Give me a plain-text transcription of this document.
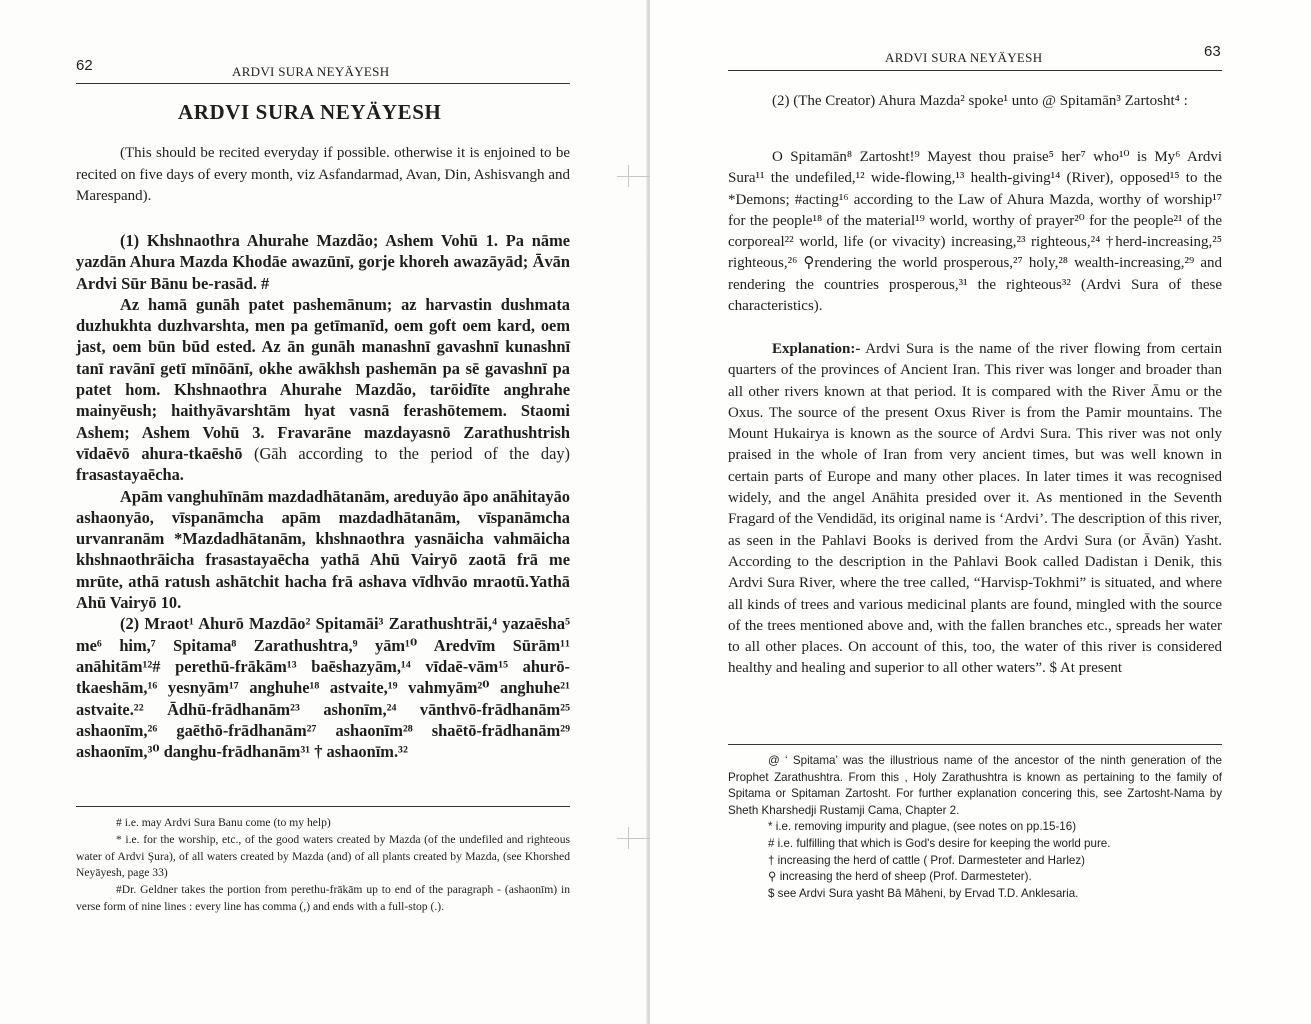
62	ARDVI SURA NEYÄYESH
ARDVI SURA NEYÄYESH

(This should be recited everyday if possible. otherwise it is enjoined to be recited on five days of every month, viz Asfandarmad, Avan, Din, Ashisvangh and Marespand).

(1) Khshnaothra Ahurahe Mazdão; Ashem Vohū 1. Pa nāme yazdān Ahura Mazda Khodāe awazūnī, gorje khoreh awazāyād; Āvān Ardvi Sūr Bānu be-rasād. #

Az hamā gunāh patet pashemānum; az harvastin dushmata duzhukhta duzhvarshta, men pa getīmanīd, oem goft oem kard, oem jast, oem būn būd ested. Az ān gunāh manashnī gavashnī kunashnī tanī ravānī getī mīnōānī, okhe awākhsh pashemān pa sē gavashnī pa patet hom. Khshnaothra Ahurahe Mazdão, tarōidīte anghrahe mainyēush; haithyāvarshtām hyat vasnā ferashōtemem. Staomi Ashem; Ashem Vohū 3. Fravarāne mazdayasnō Zarathushtrish vīdaēvō ahura-tkaēshō (Gāh according to the period of the day) frasastayaēcha.

Apām vanghuhīnām mazdadhātanām, areduyāo āpo anāhitayāo ashaonyāo, vīspanāmcha apām mazdadhātanām, vīspanāmcha urvanranām *Mazdadhātanām, khshnaothra yasnāicha vahmāicha khshnaothrāicha frasastayaēcha yathā Ahū Vairyō zaotā frā me mrūte, athā ratush ashātchit hacha frā ashava vīdhvāo mraotū.Yathā Ahū Vairyō 10.

(2) Mraot¹ Ahurō Mazdāo² Spitamāi³ Zarathushtrāi,⁴ yazaēsha⁵ me⁶ him,⁷ Spitama⁸ Zarathushtra,⁹ yām¹⁰ Aredvīm Sūrām¹¹ anāhitām¹²# perethū-frākām¹³ baēshazyām,¹⁴ vīdaē-vām¹⁵ ahurō-tkaeshām,¹⁶ yesnyām¹⁷ anghuhe¹⁸ astvaite,¹⁹ vahmyām²⁰ anghuhe²¹ astvaite.²² Ādhū-frādhanām²³ ashonīm,²⁴ vānthvō-frādhanām²⁵ ashaonīm,²⁶ gaēthō-frādhanām²⁷ ashaonīm²⁸ shaētō-frādhanām²⁹ ashaonīm,³⁰ danghu-frādhanām³¹ † ashaonīm.³²

# i.e. may Ardvi Sura Banu come (to my help)

* i.e. for the worship, etc., of the good waters created by Mazda (of the undefiled and righteous water of Ardvi Şura), of all waters created by Mazda (and) of all plants created by Mazda, (see Khorshed Neyāyesh, page 33)

#Dr. Geldner takes the portion from perethu-frākām up to end of the paragraph - (ashaonīm) in verse form of nine lines : every line has comma (,) and ends with a full-stop (.).

ARDVI SURA NEYÄYESH	63

(2) (The Creator) Ahura Mazda² spoke¹ unto @ Spitamān³ Zartosht⁴ :

O Spitamān⁸ Zartosht!⁹ Mayest thou praise⁵ her⁷ who¹⁰ is My⁶ Ardvi Sura¹¹ the undefiled,¹² wide-flowing,¹³ health-giving¹⁴ (River), opposed¹⁵ to the *Demons; #acting¹⁶ according to the Law of Ahura Mazda, worthy of worship¹⁷ for the people¹⁸ of the material¹⁹ world, worthy of prayer²⁰ for the people²¹ of the corporeal²² world, life (or vivacity) increasing,²³ righteous,²⁴ †herd-increasing,²⁵ righteous,²⁶ ⚲rendering the world prosperous,²⁷ holy,²⁸ wealth-increasing,²⁹ and rendering the countries prosperous,³¹ the righteous³² (Ardvi Sura of these characteristics).

Explanation:- Ardvi Sura is the name of the river flowing from certain quarters of the provinces of Ancient Iran. This river was longer and broader than all other rivers known at that period. It is compared with the River Āmu or the Oxus. The source of the present Oxus River is from the Pamir mountains. The Mount Hukairya is known as the source of Ardvi Sura. This river was not only praised in the whole of Iran from very ancient times, but was well known in certain parts of Europe and many other places. In later times it was recognised widely, and the angel Anāhita presided over it. As mentioned in the Seventh Fragard of the Vendidād, its original name is ‘Ardvi’. The description of this river, as seen in the Pahlavi Books is derived from the Ardvi Sura (or Āvān) Yasht. According to the description in the Pahlavi Book called Dadistan i Denik, this Ardvi Sura River, where the tree called, “Harvisp-Tokhmi” is situated, and where all kinds of trees and various medicinal plants are found, mingled with the source of the trees mentioned above and, with the fallen branches etc., spreads her water to all other places. On account of this, too, the water of this river is considered healthy and healing and superior to all other waters”. $ At present

@ ‘ Spitama’ was the illustrious name of the ancestor of the ninth generation of the Prophet Zarathushtra. From this , Holy Zarathushtra is known as pertaining to the family of Spitama or Spitaman Zartosht. For further explanation concering this, see Zartosht-Nama by Sheth Kharshedji Rustamji Cama, Chapter 2.

* i.e. removing impurity and plague, (see notes on pp.15-16)

# i.e. fulfilling that which is God's desire for keeping the world pure.

† increasing the herd of cattle ( Prof. Darmesteter and Harlez)

⚲ increasing the herd of sheep (Prof. Darmesteter).

$ see Ardvi Sura yasht Bā Māheni, by Ervad T.D. Anklesaria.
